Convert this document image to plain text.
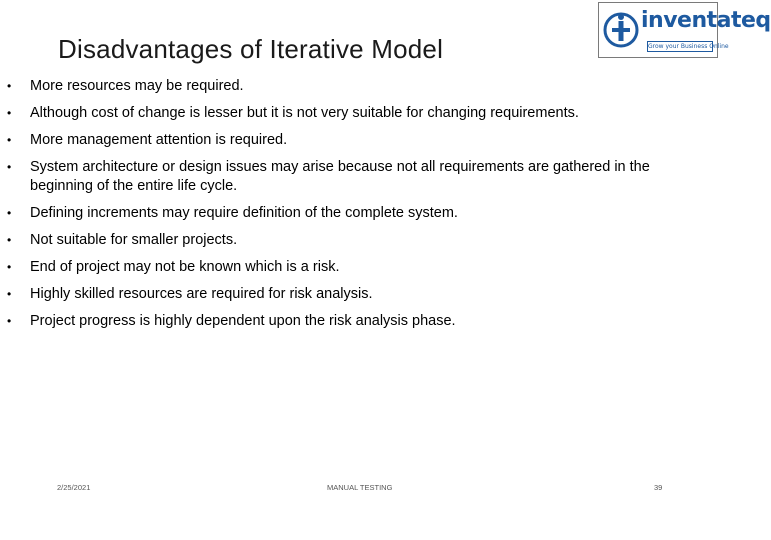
Disadvantages of Iterative Model
inventateq
Grow your Business Online
• More resources may be required.
• Although cost of change is lesser but it is not very suitable for changing requirements.
• More management attention is required.
• System architecture or design issues may arise because not all requirements are gathered in the beginning of the entire life cycle.
• Defining increments may require definition of the complete system.
• Not suitable for smaller projects.
• End of project may not be known which is a risk.
• Highly skilled resources are required for risk analysis.
• Project progress is highly dependent upon the risk analysis phase.
2/25/2021	MANUAL TESTING	39
